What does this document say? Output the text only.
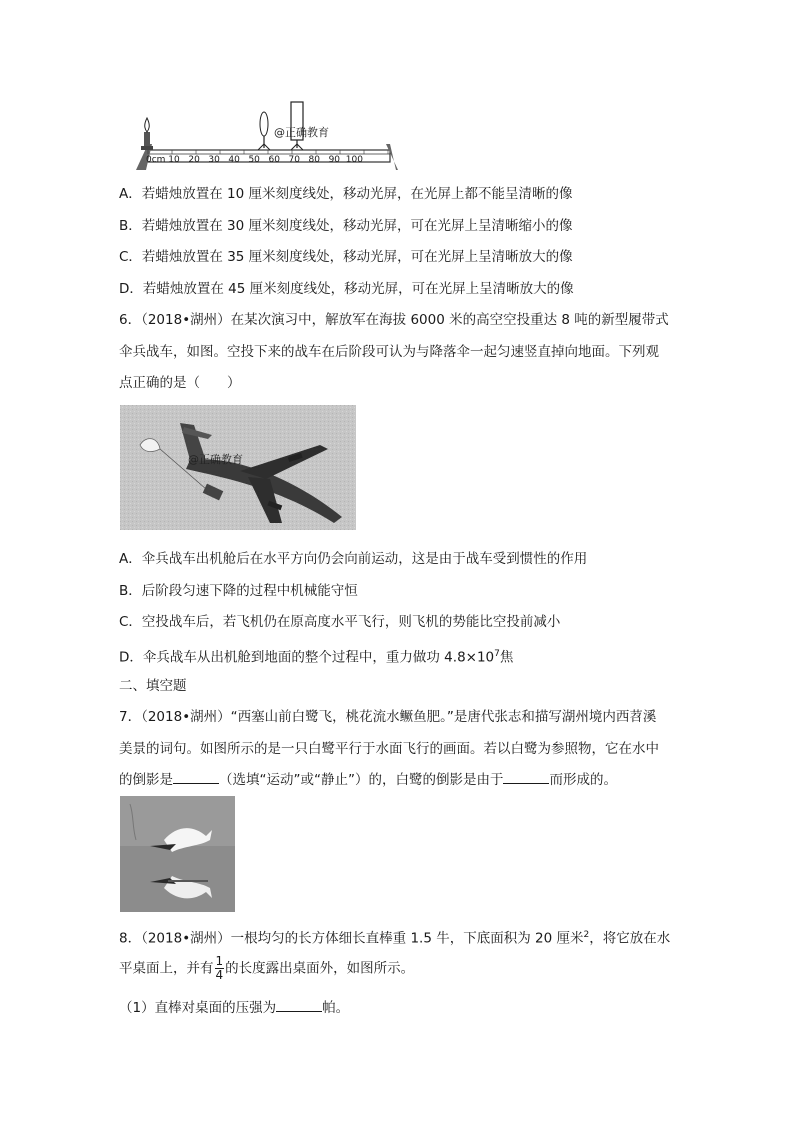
0cm 10   20   30   40   50   60   70   80   90  100
@正确教育
A．若蜡烛放置在 10 厘米刻度线处，移动光屏，在光屏上都不能呈清晰的像
B．若蜡烛放置在 30 厘米刻度线处，移动光屏，可在光屏上呈清晰缩小的像
C．若蜡烛放置在 35 厘米刻度线处，移动光屏，可在光屏上呈清晰放大的像
D．若蜡烛放置在 45 厘米刻度线处，移动光屏，可在光屏上呈清晰放大的像
6．（2018•湖州）在某次演习中，解放军在海拔 6000 米的高空空投重达 8 吨的新型履带式
伞兵战车，如图。空投下来的战车在后阶段可认为与降落伞一起匀速竖直掉向地面。下列观
点正确的是（　　）
@正确教育
A．伞兵战车出机舱后在水平方向仍会向前运动，这是由于战车受到惯性的作用
B．后阶段匀速下降的过程中机械能守恒
C．空投战车后，若飞机仍在原高度水平飞行，则飞机的势能比空投前减小
D．伞兵战车从出机舱到地面的整个过程中，重力做功 $4.8\times 10^7$焦
二、填空题
7．（2018•湖州）“西塞山前白鹭飞，桃花流水鳜鱼肥。”是唐代张志和描写湖州境内西苕溪
美景的词句。如图所示的是一只白鹭平行于水面飞行的画面。若以白鹭为参照物，它在水中
的倒影是	（选填“运动”或“静止”）的，白鹭的倒影是由于	而形成的。
8．（2018•湖州）一根均匀的长方体细长直棒重 1.5 牛，下底面积为 20 厘米$^2$，将它放在水
平桌面上，并有 $\frac{1}{4}$ 的长度露出桌面外，如图所示。
（1）直棒对桌面的压强为	帕。
